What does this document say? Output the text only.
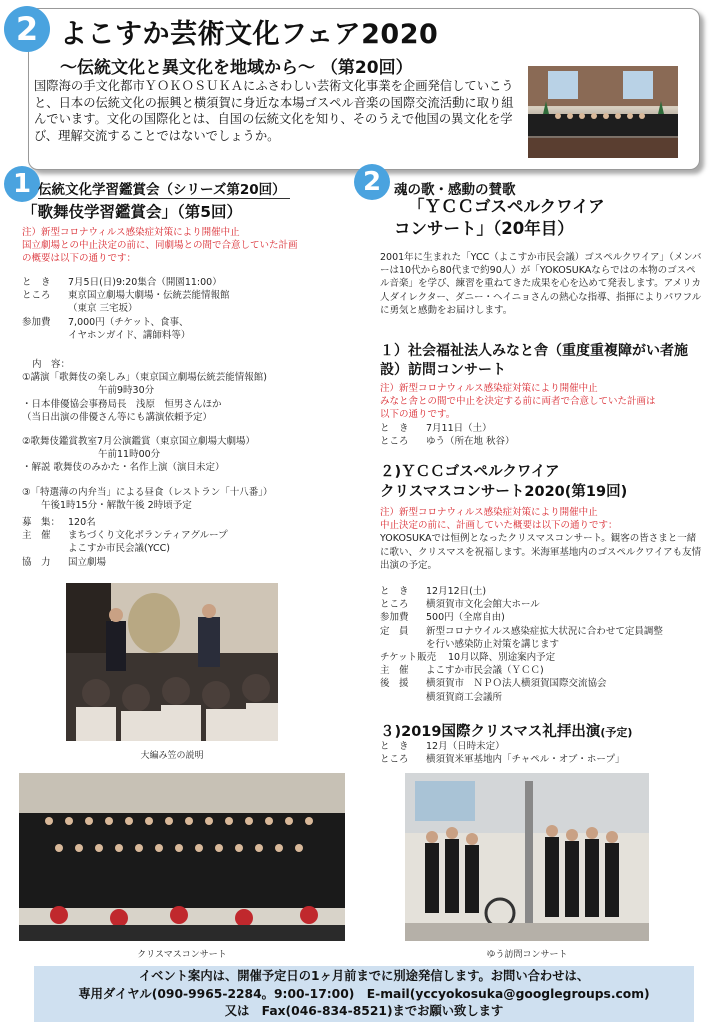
2 よこすか芸術文化フェア2020
～伝統文化と異文化を地域から～ （第20回）
国際海の手文化都市ＹＯＫＯＳＵＫＡにふさわしい芸術文化事業を企画発信していこうと、日本の伝統文化の振興と横須賀に身近な本場ゴスペル音楽の国際交流活動に取り組んでいます。文化の国際化とは、自国の伝統文化を知り、そのうえで他国の異文化を学び、理解交流することではないでしょうか。
1 伝統文化学習鑑賞会（シリーズ第20回）
「歌舞伎学習鑑賞会」（第5回）
注）新型コロナウィルス感染症対策により開催中止
国立劇場との中止決定の前に、同劇場との間で合意していた計画
の概要は以下の通りです：
と　き	7月5日(日)9:20集合（開園11:00）
ところ	東京国立劇場大劇場・伝統芸能情報館
（東京 三宅坂）
参加費	7,000円（チケット、食事、
イヤホンガイド、講師料等）
内　容：
①講演「歌舞伎の楽しみ」（東京国立劇場伝統芸能情報館)
　　　　　　　　午前9時30分
・日本俳優協会事務局長　浅原　恒男さんほか
（当日出演の俳優さん等にも講演依頼予定）
②歌舞伎鑑賞教室7月公演鑑賞（東京国立劇場大劇場）
　　　　　　　　午前11時00分
・解説 歌舞伎のみかた・名作上演（演目未定）
③「特選薄の内弁当」による昼食（レストラン「十八番」）
　　午後1時15分・解散午後 2時頃予定
募　集： 120名
主　催	まちづくり文化ボランティアグループ
よこすか市民会議(YCC)
協　力	国立劇場
大編み笠の説明
クリスマスコンサート
2 魂の歌・感動の賛歌
「ＹＣＣゴスペルクワイア
コンサート」（20年目）
2001年に生まれた「YCC（よこすか市民会議）ゴスペルクワイア」（メンバーは10代から80代まで約90人）が「YOKOSUKAならではの本物のゴスペル音楽」を学び、練習を重ねてきた成果を心を込めて発表します。アメリカ人ダイレクター、ダニー・ヘイニョさんの熱心な指導、指揮によりパワフルに勇気と感動をお届けします。
１）社会福祉法人みなと舎（重度重複障がい者施設）訪問コンサート
注）新型コロナウィルス感染症対策により開催中止
みなと舎との間で中止を決定する前に両者で合意していた計画は
以下の通りです。
と　き	7月11日（土）
ところ	ゆう（所在地 秋谷）
２)ＹＣＣゴスペルクワイア
クリスマスコンサート2020(第19回)
注）新型コロナウィルス感染症対策により開催中止
中止決定の前に、計画していた概要は以下の通りです：
YOKOSUKAでは恒例となったクリスマスコンサート。観客の皆さまと一緒に歌い、クリスマスを祝福します。米海軍基地内のゴスペルクワイアも友情出演の予定。
と　き	12月12日(土)
ところ	横須賀市文化会館大ホール
参加費	500円（全席自由)
定　員	新型コロナウイルス感染症拡大状況に合わせて定員調整
を行い感染防止対策を講じます
チケット販売	10月以降、別途案内予定
主　催	よこすか市民会議（ＹＣＣ)
後　援	横須賀市　ＮＰＯ法人横須賀国際交流協会
横須賀商工会議所
３)2019国際クリスマス礼拝出演(予定)
と　き	12月（日時未定）
ところ	横須賀米軍基地内「チャペル・オブ・ホープ」
ゆう訪問コンサート
イベント案内は、開催予定日の1ヶ月前までに別途発信します。お問い合わせは、
専用ダイヤル(090-9965-2284。9:00-17:00)　E-mail(yccyokosuka@googlegroups.com)
又は　Fax(046-834-8521)までお願い致します
